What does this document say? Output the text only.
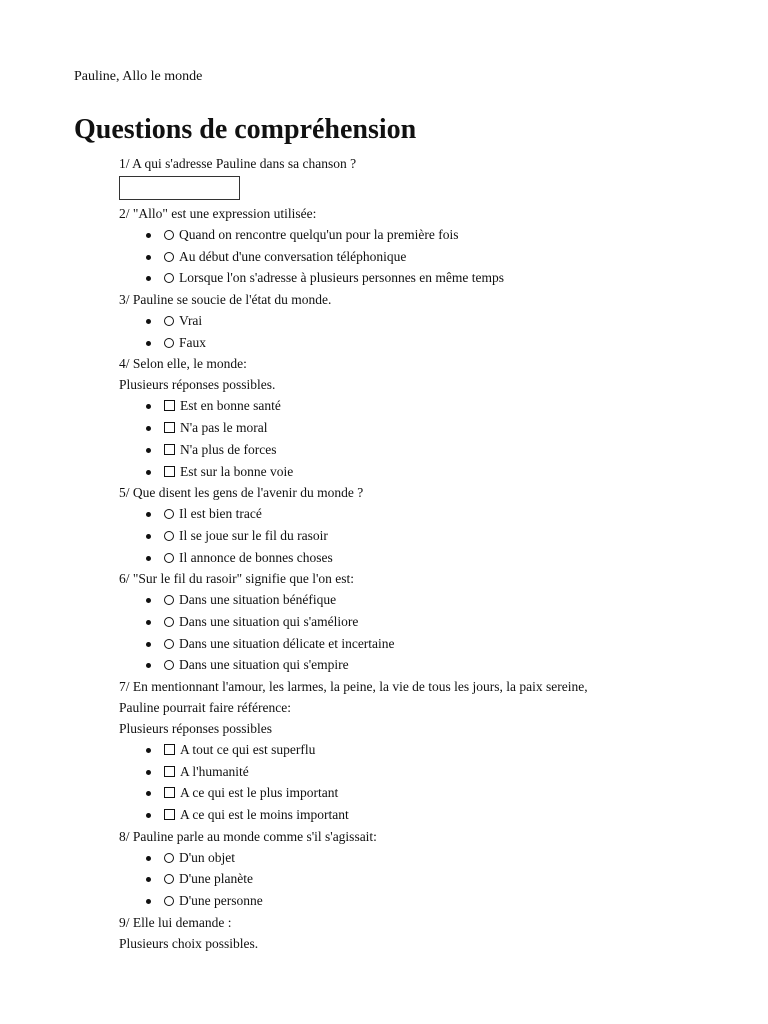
Pauline, Allo le monde
Questions de compréhension
1/ A qui s'adresse Pauline dans sa chanson ?
2/ "Allo" est une expression utilisée:
Quand on rencontre quelqu'un pour la première fois
Au début d'une conversation téléphonique
Lorsque l'on s'adresse à plusieurs personnes en même temps
3/ Pauline se soucie de l'état du monde.
Vrai
Faux
4/ Selon elle, le monde:
Plusieurs réponses possibles.
Est en bonne santé
N'a pas le moral
N'a plus de forces
Est sur la bonne voie
5/ Que disent les gens de l'avenir du monde ?
Il est bien tracé
Il se joue sur le fil du rasoir
Il annonce de bonnes choses
6/ "Sur le fil du rasoir" signifie que l'on est:
Dans une situation bénéfique
Dans une situation qui s'améliore
Dans une situation délicate et incertaine
Dans une situation qui s'empire
7/ En mentionnant l'amour, les larmes, la peine, la vie de tous les jours, la paix sereine,
Pauline pourrait faire référence:
Plusieurs réponses possibles
A tout ce qui est superflu
A l'humanité
A ce qui est le plus important
A ce qui est le moins important
8/ Pauline parle au monde comme s'il s'agissait:
D'un objet
D'une planète
D'une personne
9/ Elle lui demande :
Plusieurs choix possibles.
